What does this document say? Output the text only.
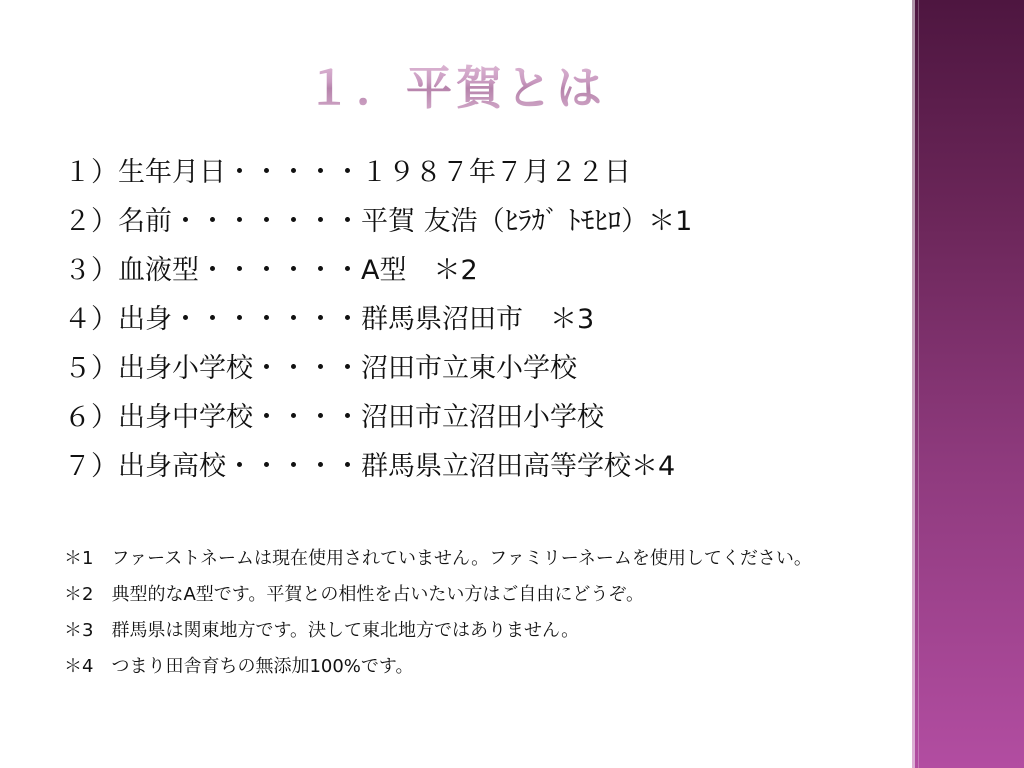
１．平賀とは
１）生年月日・・・・・１９８７年７月２２日
２）名前・・・・・・・平賀 友浩（ﾋﾗｶﾞ ﾄﾓﾋﾛ）＊1
３）血液型・・・・・・A型　＊2
４）出身・・・・・・・群馬県沼田市　＊3
５）出身小学校・・・・沼田市立東小学校
６）出身中学校・・・・沼田市立沼田小学校
７）出身高校・・・・・群馬県立沼田高等学校＊4
＊1　ファーストネームは現在使用されていません。ファミリーネームを使用してください。
＊2　典型的なA型です。平賀との相性を占いたい方はご自由にどうぞ。
＊3　群馬県は関東地方です。決して東北地方ではありません。
＊4　つまり田舎育ちの無添加100%です。
